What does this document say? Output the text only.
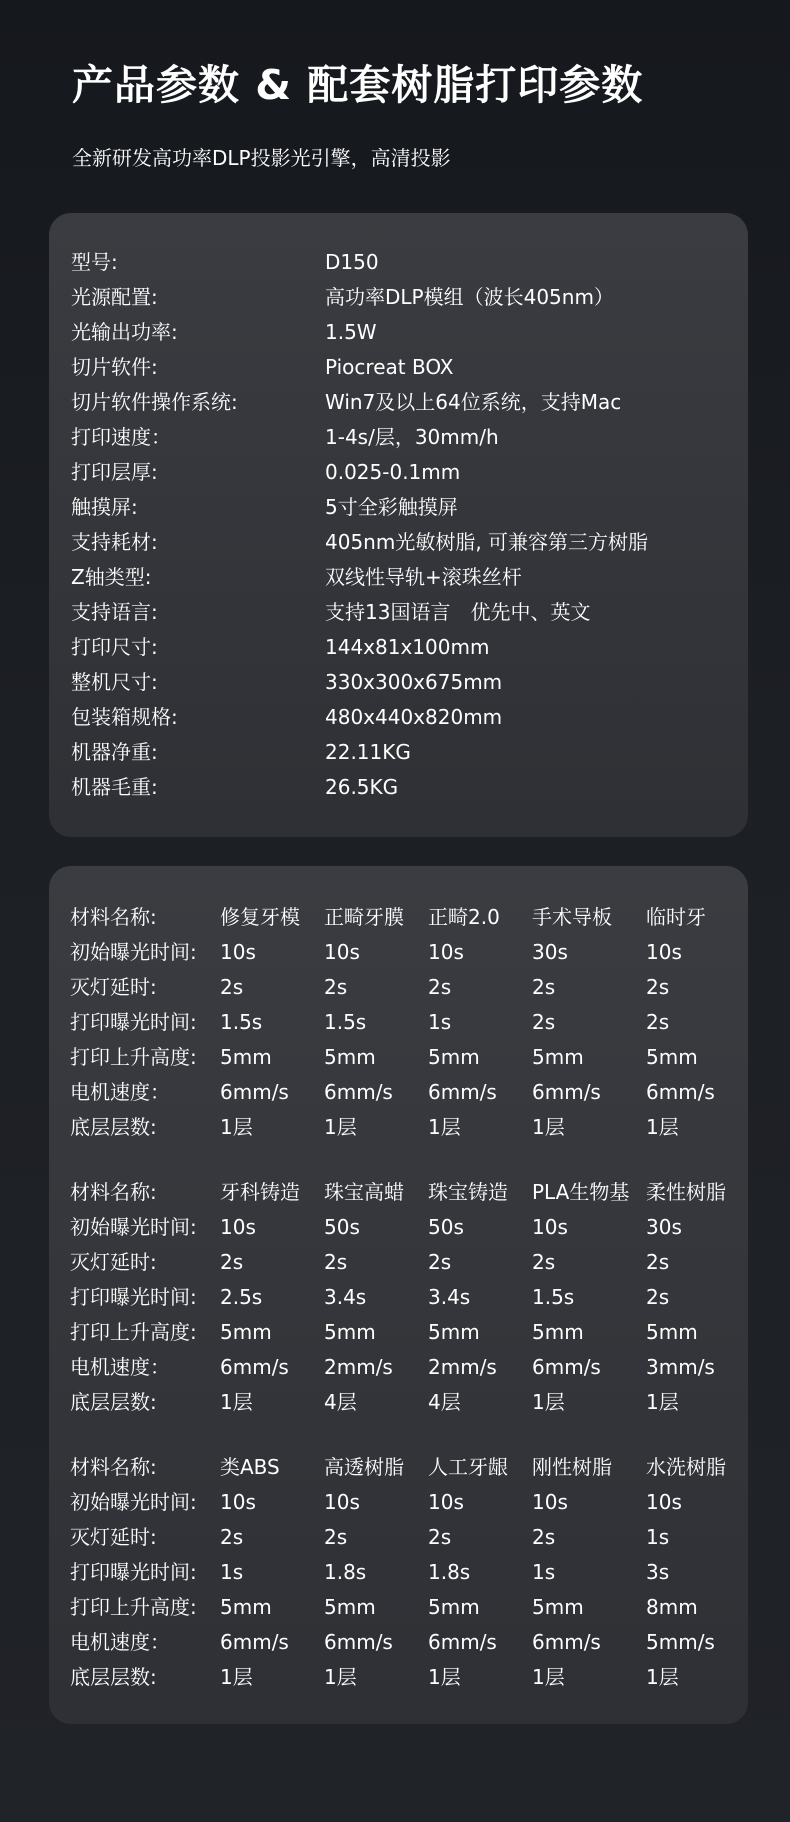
产品参数 & 配套树脂打印参数
全新研发高功率DLP投影光引擎，高清投影
型号:	D150
光源配置:	高功率DLP模组（波长405nm）
光输出功率:	1.5W
切片软件:	Piocreat BOX
切片软件操作系统:	Win7及以上64位系统，支持Mac
打印速度：	1-4s/层，30mm/h
打印层厚:	0.025-0.1mm
触摸屏:	5寸全彩触摸屏
支持耗材:	405nm光敏树脂, 可兼容第三方树脂
Z轴类型:	双线性导轨+滚珠丝杆
支持语言:	支持13国语言　优先中、英文
打印尺寸:	144x81x100mm
整机尺寸:	330x300x675mm
包装箱规格:	480x440x820mm
机器净重:	22.11KG
机器毛重:	26.5KG
材料名称:	修复牙模 正畸牙膜 正畸2.0 手术导板 临时牙
初始曝光时间: 10s	10s	10s	30s	10s
灭灯延时:	2s	2s	2s	2s	2s
打印曝光时间: 1.5s	1.5s	1s	2s	2s
打印上升高度: 5mm	5mm	5mm	5mm	5mm
电机速度：	6mm/s 6mm/s 6mm/s 6mm/s 6mm/s
底层层数:	1层	1层	1层	1层	1层
材料名称:	牙科铸造 珠宝高蜡 珠宝铸造 PLA生物基 柔性树脂
初始曝光时间: 10s	50s	50s	10s	30s
灭灯延时:	2s	2s	2s	2s	2s
打印曝光时间: 2.5s	3.4s	3.4s	1.5s	2s
打印上升高度: 5mm	5mm	5mm	5mm	5mm
电机速度：	6mm/s 2mm/s 2mm/s 6mm/s 3mm/s
底层层数:	1层	4层	4层	1层	1层
材料名称:	类ABS 高透树脂 人工牙龈 刚性树脂 水洗树脂
初始曝光时间: 10s	10s	10s	10s	10s
灭灯延时:	2s	2s	2s	2s	1s
打印曝光时间: 1s	1.8s	1.8s	1s	3s
打印上升高度: 5mm	5mm	5mm	5mm	8mm
电机速度：	6mm/s 6mm/s 6mm/s 6mm/s 5mm/s
底层层数:	1层	1层	1层	1层	1层
